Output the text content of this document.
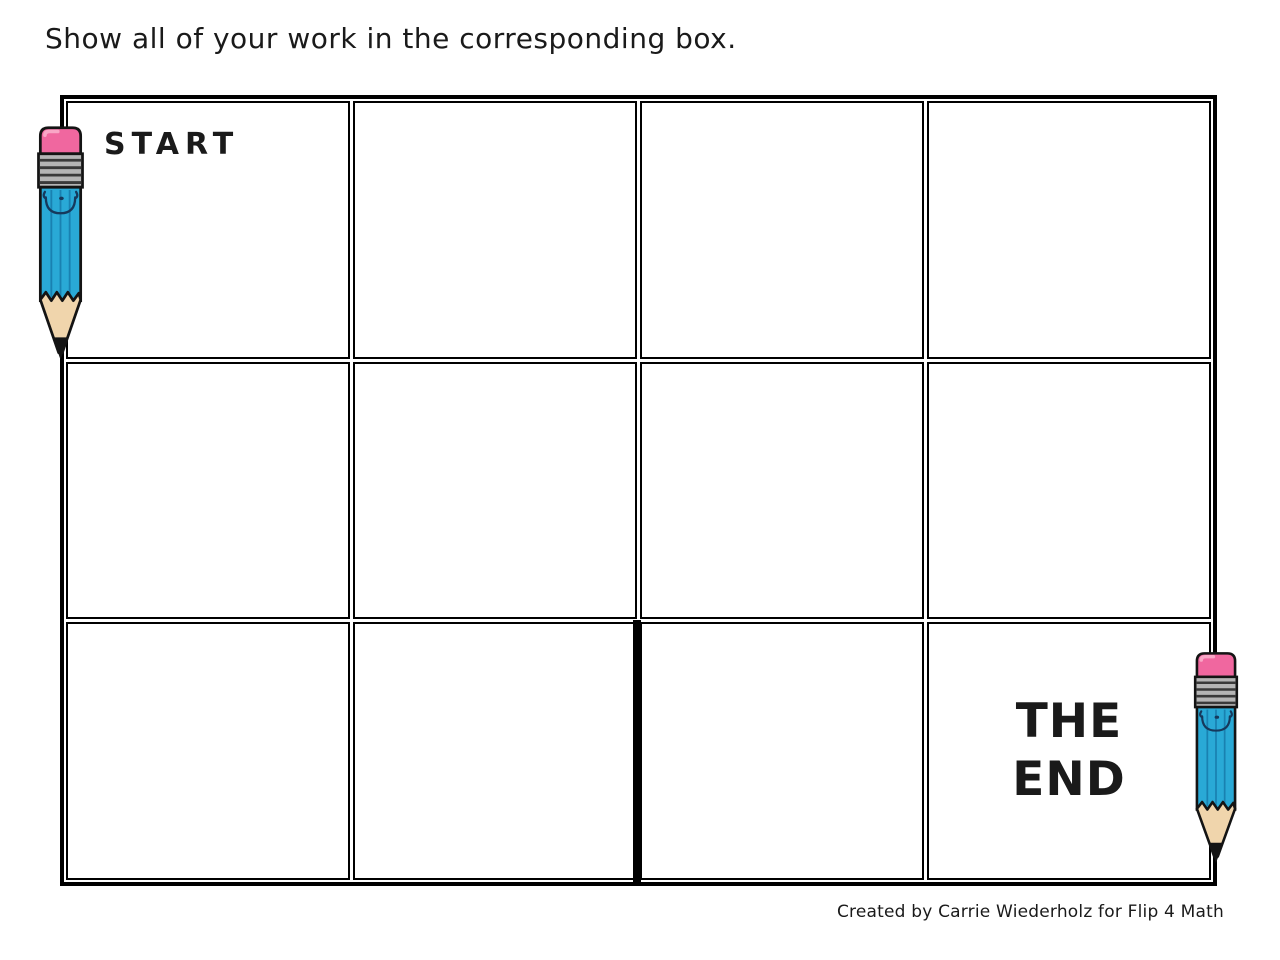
Show all of your work in the corresponding box.
START
THE
END
Created by Carrie Wiederholz for Flip 4 Math
